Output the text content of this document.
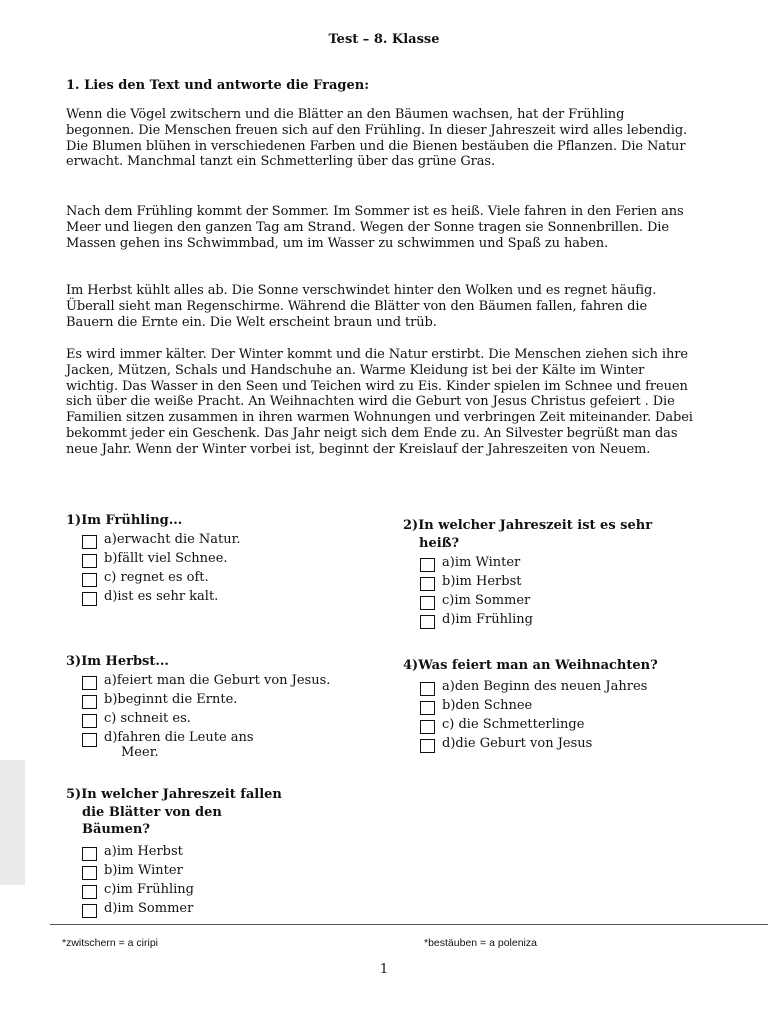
Test – 8. Klasse
1. Lies den Text und antworte die Fragen:

Wenn die Vögel zwitschern und die Blätter an den Bäumen wachsen, hat der Frühling begonnen. Die Menschen freuen sich auf den Frühling. In dieser Jahreszeit wird alles lebendig. Die Blumen blühen in verschiedenen Farben und die Bienen bestäuben die Pflanzen. Die Natur erwacht. Manchmal tanzt ein Schmetterling über das grüne Gras.

Nach dem Frühling kommt der Sommer. Im Sommer ist es heiß. Viele fahren in den Ferien ans Meer und liegen den ganzen Tag am Strand. Wegen der Sonne tragen sie Sonnenbrillen. Die Massen gehen ins Schwimmbad, um im Wasser zu schwimmen und Spaß zu haben.

Im Herbst kühlt alles ab. Die Sonne verschwindet hinter den Wolken und es regnet häufig. Überall sieht man Regenschirme. Während die Blätter von den Bäumen fallen, fahren die Bauern die Ernte ein. Die Welt erscheint braun und trüb.

Es wird immer kälter. Der Winter kommt und die Natur erstirbt. Die Menschen ziehen sich ihre Jacken, Mützen, Schals und Handschuhe an. Warme Kleidung ist bei der Kälte im Winter wichtig. Das Wasser in den Seen und Teichen wird zu Eis. Kinder spielen im Schnee und freuen sich über die weiße Pracht. An Weihnachten wird die Geburt von Jesus Christus gefeiert . Die Familien sitzen zusammen in ihren warmen Wohnungen und verbringen Zeit miteinander. Dabei bekommt jeder ein Geschenk. Das Jahr neigt sich dem Ende zu. An Silvester begrüßt man das neue Jahr. Wenn der Winter vorbei ist, beginnt der Kreislauf der Jahreszeiten von Neuem.

1)Im Frühling...
a)erwacht die Natur.
b)fällt viel Schnee.
c) regnet es oft.
d)ist es sehr kalt.
2)In welcher Jahreszeit ist es sehr
heiß?
a)im Winter
b)im Herbst
c)im Sommer
d)im Frühling
3)Im Herbst...
a)feiert man die Geburt von Jesus.
b)beginnt die Ernte.
c) schneit es.
d)fahren die Leute ans
Meer.
4)Was feiert man an Weihnachten?
a)den Beginn des neuen Jahres
b)den Schnee
c) die Schmetterlinge
d)die Geburt von Jesus
5)In welcher Jahreszeit fallen
die Blätter von den
Bäumen?
a)im Herbst
b)im Winter
c)im Frühling
d)im Sommer
*zwitschern = a ciripi	*bestäuben = a poleniza
1
